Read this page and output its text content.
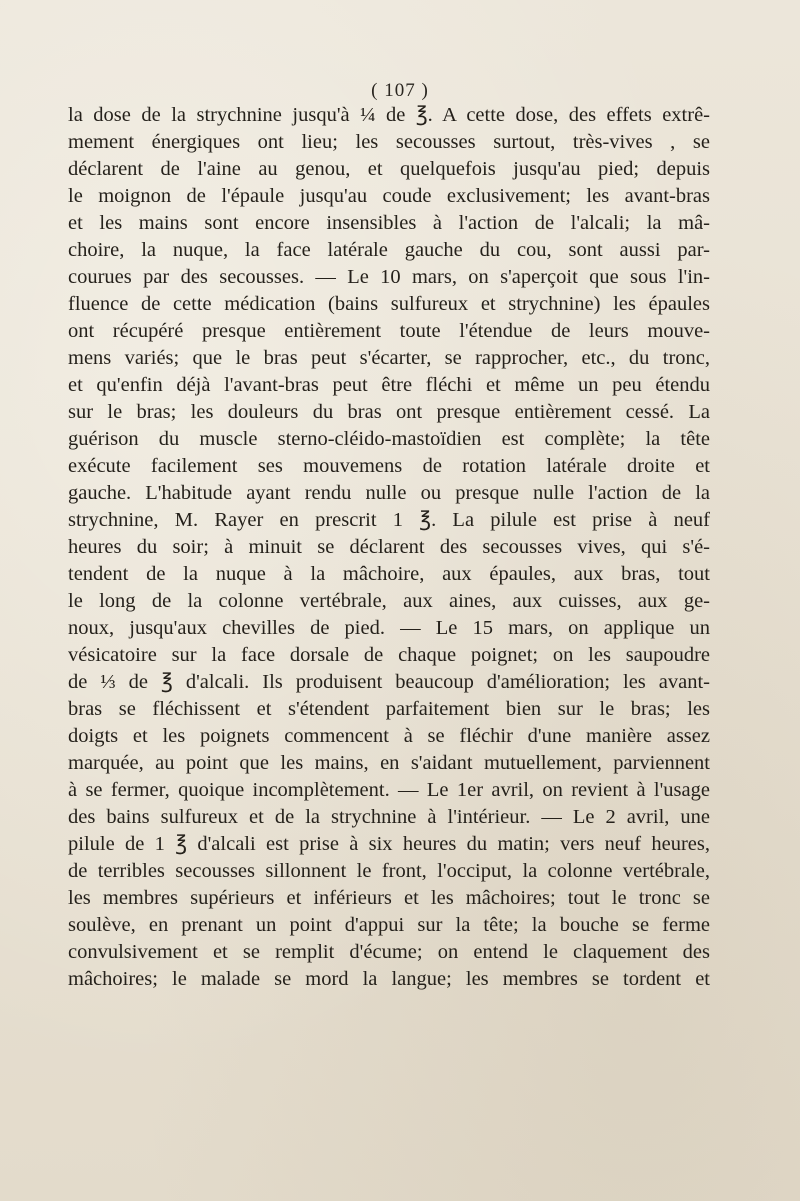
( 107 )
la dose de la strychnine jusqu'à ¼ de ℥. A cette dose, des effets extrê-
mement énergiques ont lieu; les secousses surtout, très-vives , se
déclarent de l'aine au genou, et quelquefois jusqu'au pied; depuis
le moignon de l'épaule jusqu'au coude exclusivement; les avant-bras
et les mains sont encore insensibles à l'action de l'alcali; la mâ-
choire, la nuque, la face latérale gauche du cou, sont aussi par-
courues par des secousses. — Le 10 mars, on s'aperçoit que sous l'in-
fluence de cette médication (bains sulfureux et strychnine) les épaules
ont récupéré presque entièrement toute l'étendue de leurs mouve-
mens variés; que le bras peut s'écarter, se rapprocher, etc., du tronc,
et qu'enfin déjà l'avant-bras peut être fléchi et même un peu étendu
sur le bras; les douleurs du bras ont presque entièrement cessé. La
guérison du muscle sterno-cléido-mastoïdien est complète; la tête
exécute facilement ses mouvemens de rotation latérale droite et
gauche. L'habitude ayant rendu nulle ou presque nulle l'action de la
strychnine, M. Rayer en prescrit 1 ℥. La pilule est prise à neuf
heures du soir; à minuit se déclarent des secousses vives, qui s'é-
tendent de la nuque à la mâchoire, aux épaules, aux bras, tout
le long de la colonne vertébrale, aux aines, aux cuisses, aux ge-
noux, jusqu'aux chevilles de pied. — Le 15 mars, on applique un
vésicatoire sur la face dorsale de chaque poignet; on les saupoudre
de ⅓ de ℥ d'alcali. Ils produisent beaucoup d'amélioration; les avant-
bras se fléchissent et s'étendent parfaitement bien sur le bras; les
doigts et les poignets commencent à se fléchir d'une manière assez
marquée, au point que les mains, en s'aidant mutuellement, parviennent
à se fermer, quoique incomplètement. — Le 1er avril, on revient à l'usage
des bains sulfureux et de la strychnine à l'intérieur. — Le 2 avril, une
pilule de 1 ℥ d'alcali est prise à six heures du matin; vers neuf heures,
de terribles secousses sillonnent le front, l'occiput, la colonne vertébrale,
les membres supérieurs et inférieurs et les mâchoires; tout le tronc se
soulève, en prenant un point d'appui sur la tête; la bouche se ferme
convulsivement et se remplit d'écume; on entend le claquement des
mâchoires; le malade se mord la langue; les membres se tordent et
